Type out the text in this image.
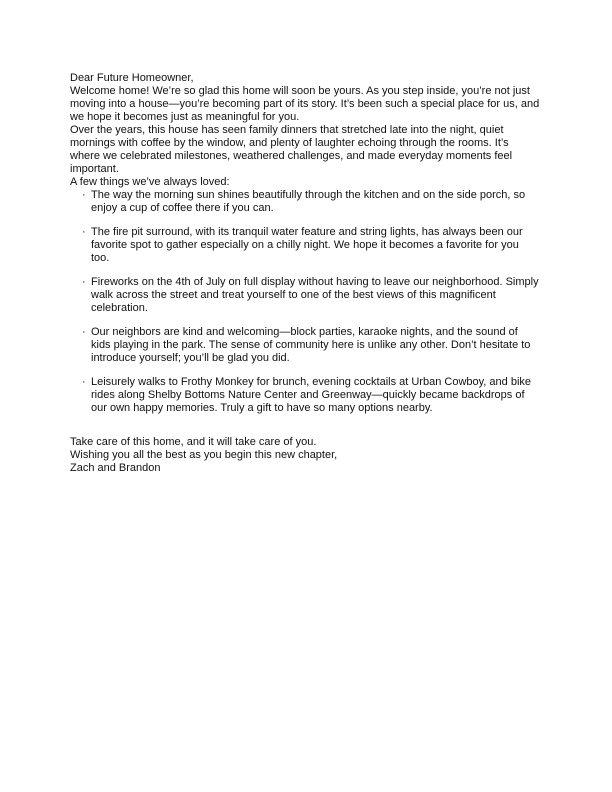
Dear Future Homeowner,

Welcome home! We’re so glad this home will soon be yours. As you step inside, you’re not just moving into a house—you’re becoming part of its story. It’s been such a special place for us, and we hope it becomes just as meaningful for you.

Over the years, this house has seen family dinners that stretched late into the night, quiet mornings with coffee by the window, and plenty of laughter echoing through the rooms. It’s where we celebrated milestones, weathered challenges, and made everyday moments feel important.

A few things we’ve always loved:

· The way the morning sun shines beautifully through the kitchen and on the side porch, so enjoy a cup of coffee there if you can.
· The fire pit surround, with its tranquil water feature and string lights, has always been our favorite spot to gather especially on a chilly night. We hope it becomes a favorite for you too.
· Fireworks on the 4th of July on full display without having to leave our neighborhood. Simply walk across the street and treat yourself to one of the best views of this magnificent celebration.
· Our neighbors are kind and welcoming—block parties, karaoke nights, and the sound of kids playing in the park. The sense of community here is unlike any other. Don’t hesitate to introduce yourself; you’ll be glad you did.
· Leisurely walks to Frothy Monkey for brunch, evening cocktails at Urban Cowboy, and bike rides along Shelby Bottoms Nature Center and Greenway—quickly became backdrops of our own happy memories. Truly a gift to have so many options nearby.

Take care of this home, and it will take care of you.

Wishing you all the best as you begin this new chapter,

Zach and Brandon
